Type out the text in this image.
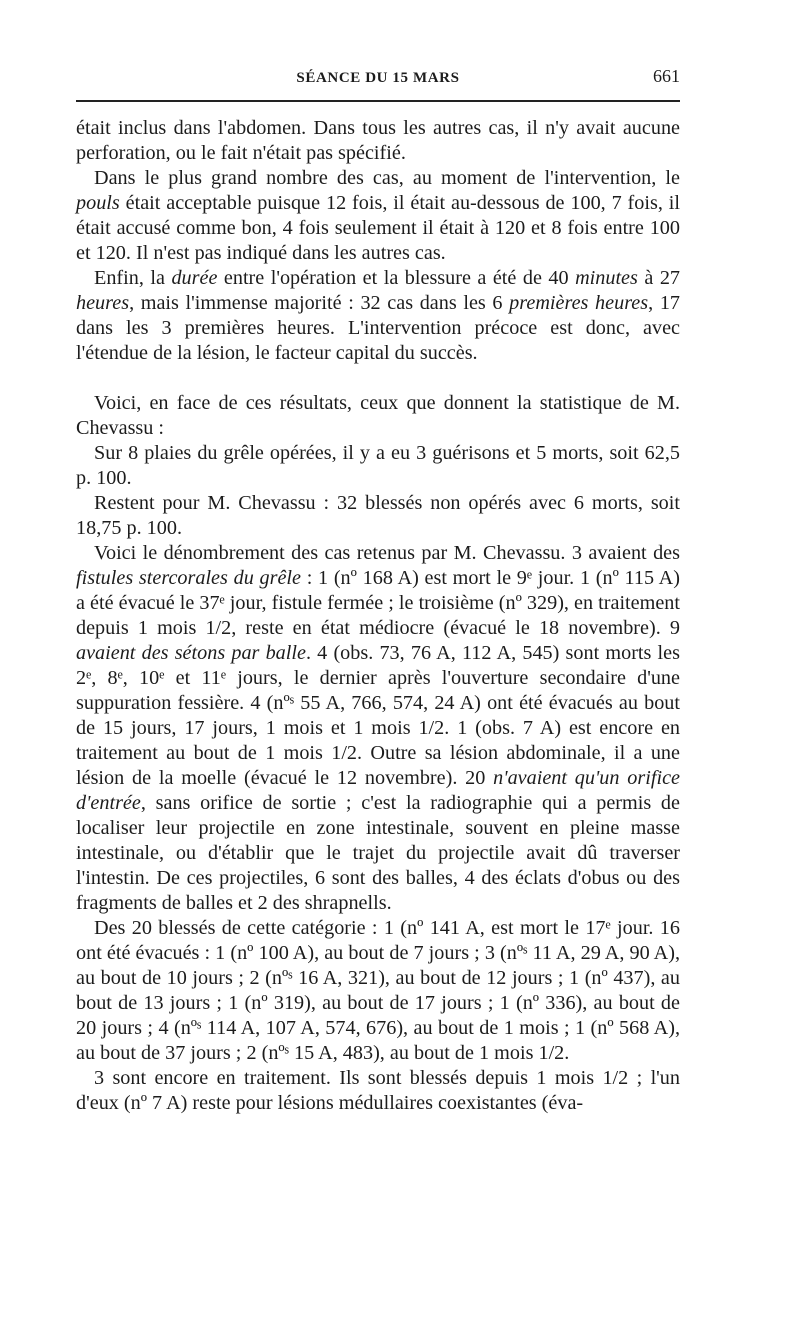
SÉANCE DU 15 MARS	661

était inclus dans l'abdomen. Dans tous les autres cas, il n'y avait aucune perforation, ou le fait n'était pas spécifié.

Dans le plus grand nombre des cas, au moment de l'intervention, le pouls était acceptable puisque 12 fois, il était au-dessous de 100, 7 fois, il était accusé comme bon, 4 fois seulement il était à 120 et 8 fois entre 100 et 120. Il n'est pas indiqué dans les autres cas.

Enfin, la durée entre l'opération et la blessure a été de 40 minutes à 27 heures, mais l'immense majorité : 32 cas dans les 6 premières heures, 17 dans les 3 premières heures. L'intervention précoce est donc, avec l'étendue de la lésion, le facteur capital du succès.

Voici, en face de ces résultats, ceux que donnent la statistique de M. Chevassu :

Sur 8 plaies du grêle opérées, il y a eu 3 guérisons et 5 morts, soit 62,5 p. 100.

Restent pour M. Chevassu : 32 blessés non opérés avec 6 morts, soit 18,75 p. 100.

Voici le dénombrement des cas retenus par M. Chevassu. 3 avaient des fistules stercorales du grêle : 1 (nº 168 A) est mort le 9ᵉ jour. 1 (nº 115 A) a été évacué le 37ᵉ jour, fistule fermée ; le troisième (nº 329), en traitement depuis 1 mois 1/2, reste en état médiocre (évacué le 18 novembre). 9 avaient des sétons par balle. 4 (obs. 73, 76 A, 112 A, 545) sont morts les 2ᵉ, 8ᵉ, 10ᵉ et 11ᵉ jours, le dernier après l'ouverture secondaire d'une suppuration fessière. 4 (nºˢ 55 A, 766, 574, 24 A) ont été évacués au bout de 15 jours, 17 jours, 1 mois et 1 mois 1/2. 1 (obs. 7 A) est encore en traitement au bout de 1 mois 1/2. Outre sa lésion abdominale, il a une lésion de la moelle (évacué le 12 novembre). 20 n'avaient qu'un orifice d'entrée, sans orifice de sortie ; c'est la radiographie qui a permis de localiser leur projectile en zone intestinale, souvent en pleine masse intestinale, ou d'établir que le trajet du projectile avait dû traverser l'intestin. De ces projectiles, 6 sont des balles, 4 des éclats d'obus ou des fragments de balles et 2 des shrapnells.

Des 20 blessés de cette catégorie : 1 (nº 141 A, est mort le 17ᵉ jour. 16 ont été évacués : 1 (nº 100 A), au bout de 7 jours ; 3 (nºˢ 11 A, 29 A, 90 A), au bout de 10 jours ; 2 (nºˢ 16 A, 321), au bout de 12 jours ; 1 (nº 437), au bout de 13 jours ; 1 (nº 319), au bout de 17 jours ; 1 (nº 336), au bout de 20 jours ; 4 (nºˢ 114 A, 107 A, 574, 676), au bout de 1 mois ; 1 (nº 568 A), au bout de 37 jours ; 2 (nºˢ 15 A, 483), au bout de 1 mois 1/2.

3 sont encore en traitement. Ils sont blessés depuis 1 mois 1/2 ; l'un d'eux (nº 7 A) reste pour lésions médullaires coexistantes (éva-
